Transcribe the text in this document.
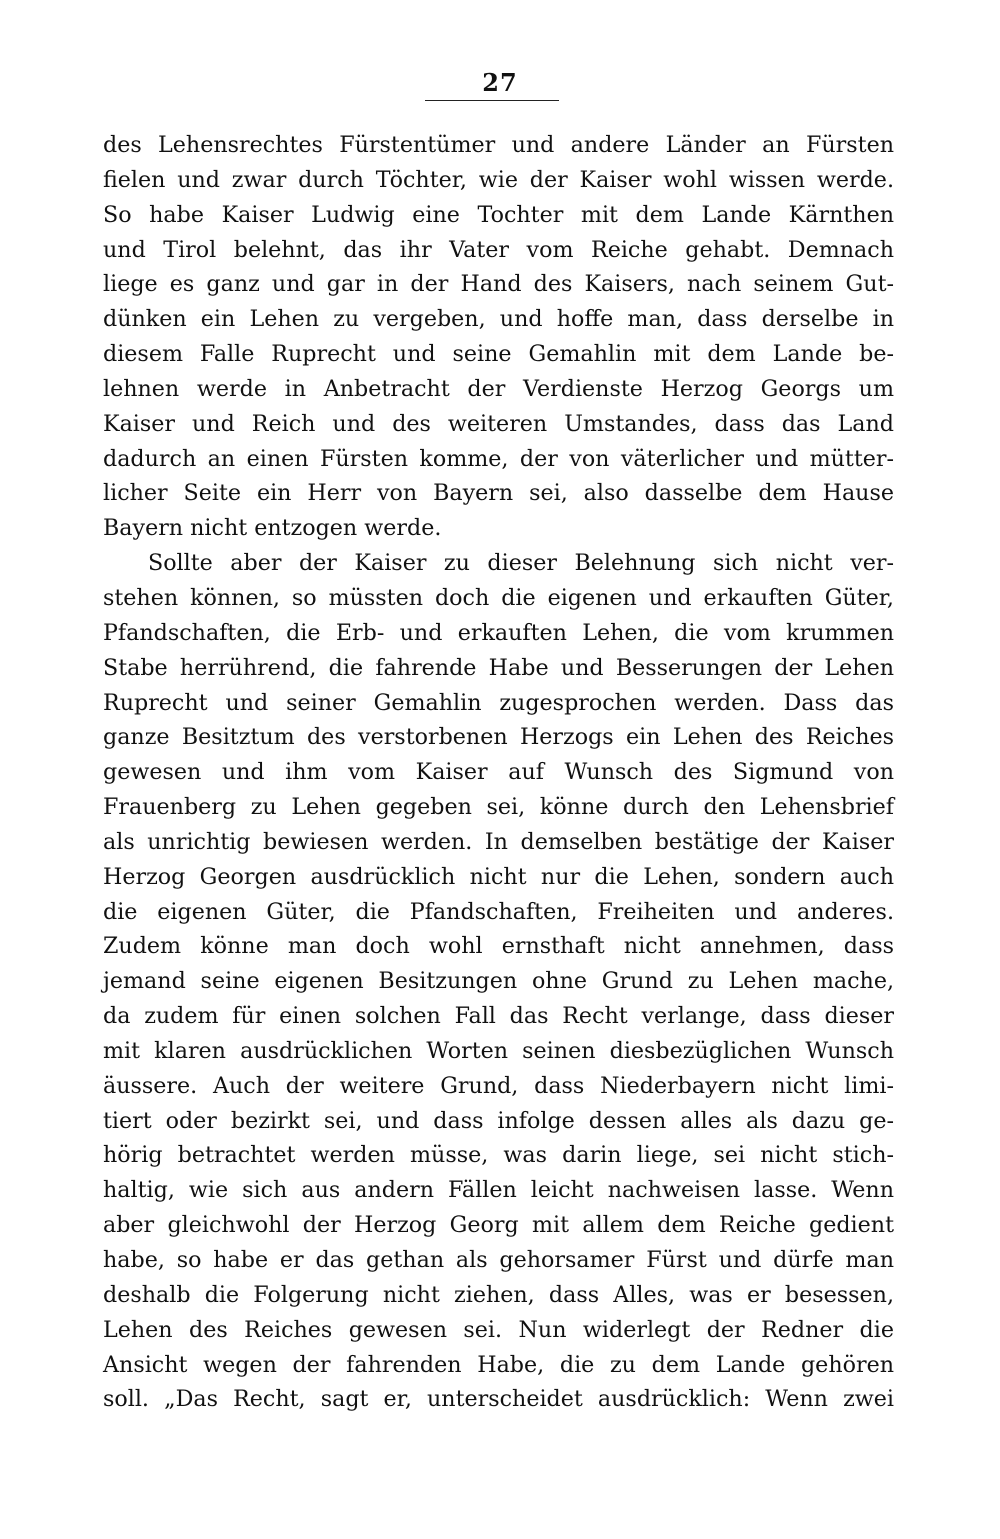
27
des Lehensrechtes Fürstentümer und andere Länder an Fürsten
fielen und zwar durch Töchter, wie der Kaiser wohl wissen werde.
So habe Kaiser Ludwig eine Tochter mit dem Lande Kärnthen
und Tirol belehnt, das ihr Vater vom Reiche gehabt. Demnach
liege es ganz und gar in der Hand des Kaisers, nach seinem Gut-
dünken ein Lehen zu vergeben, und hoffe man, dass derselbe in
diesem Falle Ruprecht und seine Gemahlin mit dem Lande be-
lehnen werde in Anbetracht der Verdienste Herzog Georgs um
Kaiser und Reich und des weiteren Umstandes, dass das Land
dadurch an einen Fürsten komme, der von väterlicher und mütter-
licher Seite ein Herr von Bayern sei, also dasselbe dem Hause
Bayern nicht entzogen werde.
Sollte aber der Kaiser zu dieser Belehnung sich nicht ver-
stehen können, so müssten doch die eigenen und erkauften Güter,
Pfandschaften, die Erb- und erkauften Lehen, die vom krummen
Stabe herrührend, die fahrende Habe und Besserungen der Lehen
Ruprecht und seiner Gemahlin zugesprochen werden. Dass das
ganze Besitztum des verstorbenen Herzogs ein Lehen des Reiches
gewesen und ihm vom Kaiser auf Wunsch des Sigmund von
Frauenberg zu Lehen gegeben sei, könne durch den Lehensbrief
als unrichtig bewiesen werden. In demselben bestätige der Kaiser
Herzog Georgen ausdrücklich nicht nur die Lehen, sondern auch
die eigenen Güter, die Pfandschaften, Freiheiten und anderes.
Zudem könne man doch wohl ernsthaft nicht annehmen, dass
jemand seine eigenen Besitzungen ohne Grund zu Lehen mache,
da zudem für einen solchen Fall das Recht verlange, dass dieser
mit klaren ausdrücklichen Worten seinen diesbezüglichen Wunsch
äussere. Auch der weitere Grund, dass Niederbayern nicht limi-
tiert oder bezirkt sei, und dass infolge dessen alles als dazu ge-
hörig betrachtet werden müsse, was darin liege, sei nicht stich-
haltig, wie sich aus andern Fällen leicht nachweisen lasse. Wenn
aber gleichwohl der Herzog Georg mit allem dem Reiche gedient
habe, so habe er das gethan als gehorsamer Fürst und dürfe man
deshalb die Folgerung nicht ziehen, dass Alles, was er besessen,
Lehen des Reiches gewesen sei. Nun widerlegt der Redner die
Ansicht wegen der fahrenden Habe, die zu dem Lande gehören
soll. „Das Recht, sagt er, unterscheidet ausdrücklich: Wenn zwei
